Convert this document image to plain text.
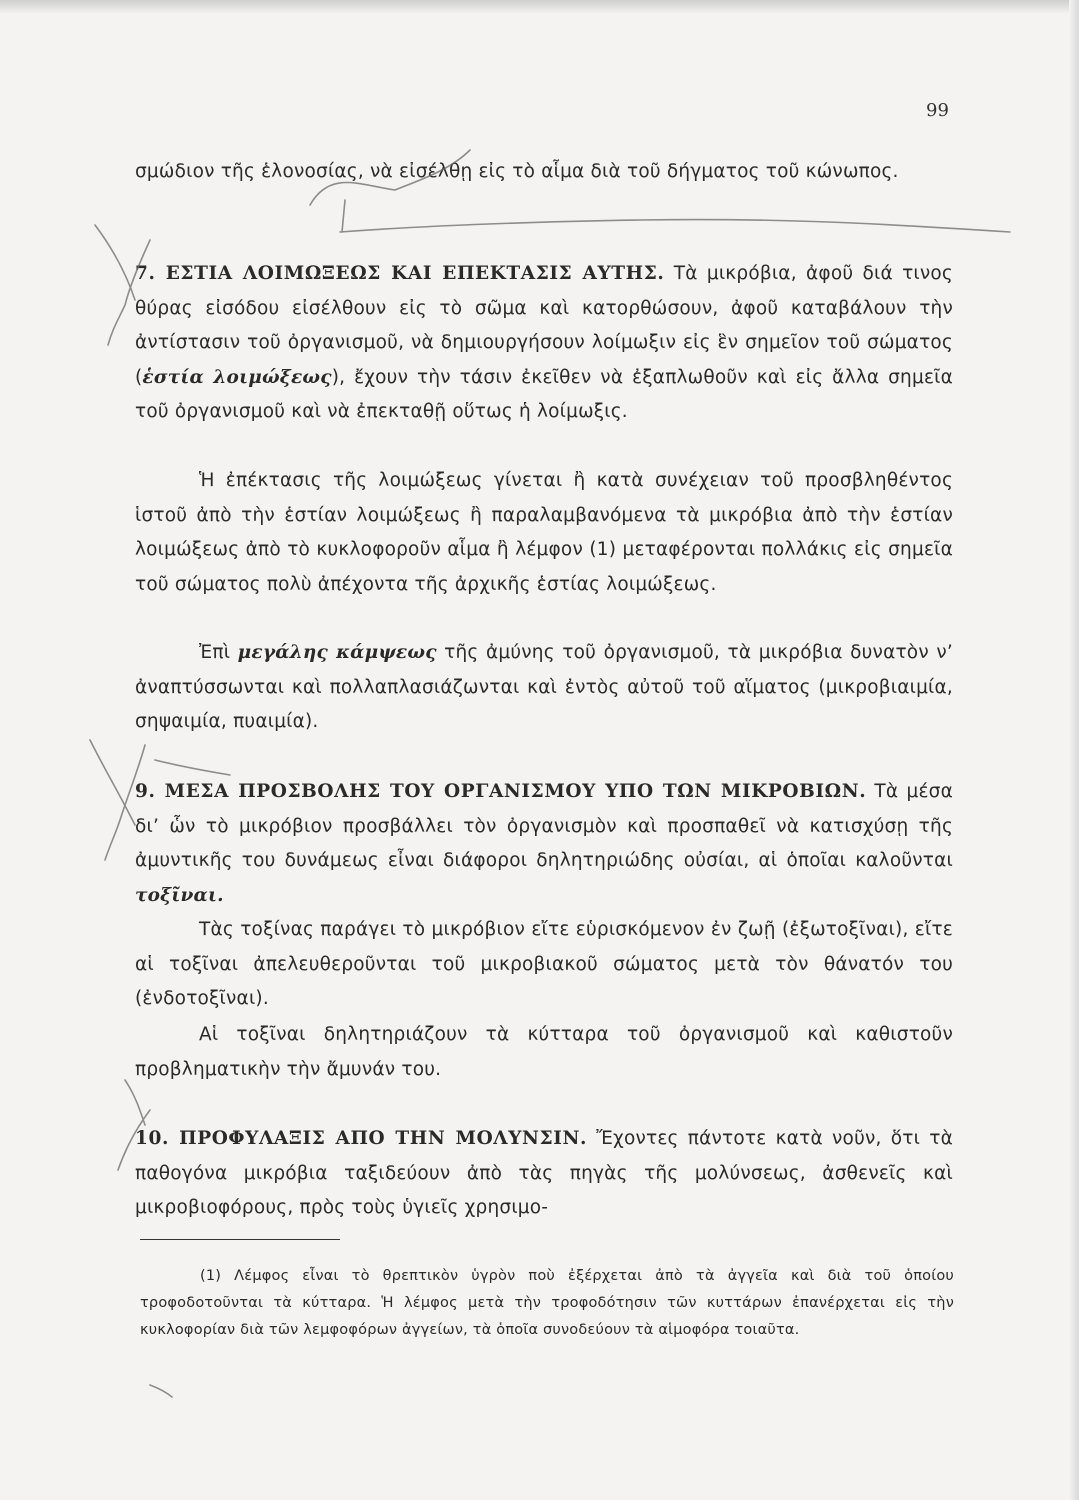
99

σμώδιον τῆς ἑλονοσίας, νὰ εἰσέλθῃ εἰς τὸ αἷμα διὰ τοῦ δήγματος τοῦ κώνωπος.

7. ΕΣΤΙΑ ΛΟΙΜΩΞΕΩΣ ΚΑΙ ΕΠΕΚΤΑΣΙΣ ΑΥΤΗΣ. Τὰ μικρόβια, ἀφοῦ διά τινος θύρας εἰσόδου εἰσέλθουν εἰς τὸ σῶμα καὶ κατορθώσουν, ἀφοῦ καταβάλουν τὴν ἀντίστασιν τοῦ ὀργανισμοῦ, νὰ δημιουργήσουν λοίμωξιν εἰς ἓν σημεῖον τοῦ σώματος (ἑστία λοιμώξεως), ἔχουν τὴν τάσιν ἐκεῖθεν νὰ ἐξαπλωθοῦν καὶ εἰς ἄλλα σημεῖα τοῦ ὀργανισμοῦ καὶ νὰ ἐπεκταθῇ οὕτως ἡ λοίμωξις.

Ἡ ἐπέκτασις τῆς λοιμώξεως γίνεται ἢ κατὰ συνέχειαν τοῦ προσβληθέντος ἱστοῦ ἀπὸ τὴν ἑστίαν λοιμώξεως ἢ παραλαμβανόμενα τὰ μικρόβια ἀπὸ τὴν ἑστίαν λοιμώξεως ἀπὸ τὸ κυκλοφοροῦν αἷμα ἢ λέμφον (1) μεταφέρονται πολλάκις εἰς σημεῖα τοῦ σώματος πολὺ ἀπέχοντα τῆς ἀρχικῆς ἑστίας λοιμώξεως.

Ἐπὶ μεγάλης κάμψεως τῆς ἀμύνης τοῦ ὀργανισμοῦ, τὰ μικρόβια δυνατὸν ν’ ἀναπτύσσωνται καὶ πολλαπλασιάζωνται καὶ ἐντὸς αὐτοῦ τοῦ αἵματος (μικροβιαιμία, σηψαιμία, πυαιμία).

9. ΜΕΣΑ ΠΡΟΣΒΟΛΗΣ ΤΟΥ ΟΡΓΑΝΙΣΜΟΥ ΥΠΟ ΤΩΝ ΜΙΚΡΟΒΙΩΝ. Τὰ μέσα δι’ ὧν τὸ μικρόβιον προσβάλλει τὸν ὀργανισμὸν καὶ προσπαθεῖ νὰ κατισχύσῃ τῆς ἀμυντικῆς του δυνάμεως εἶναι διάφοροι δηλητηριώδης οὐσίαι, αἱ ὁποῖαι καλοῦνται τοξῖναι.

Τὰς τοξίνας παράγει τὸ μικρόβιον εἴτε εὑρισκόμενον ἐν ζωῇ (ἐξωτοξῖναι), εἴτε αἱ τοξῖναι ἀπελευθεροῦνται τοῦ μικροβιακοῦ σώματος μετὰ τὸν θάνατόν του (ἐνδοτοξῖναι).

Αἱ τοξῖναι δηλητηριάζουν τὰ κύτταρα τοῦ ὀργανισμοῦ καὶ καθιστοῦν προβληματικὴν τὴν ἄμυνάν του.

10. ΠΡΟΦΥΛΑΞΙΣ ΑΠΟ ΤΗΝ ΜΟΛΥΝΣΙΝ. Ἔχοντες πάντοτε κατὰ νοῦν, ὅτι τὰ παθογόνα μικρόβια ταξιδεύουν ἀπὸ τὰς πηγὰς τῆς μολύνσεως, ἀσθενεῖς καὶ μικροβιοφόρους, πρὸς τοὺς ὑγιεῖς χρησιμο-

(1) Λέμφος εἶναι τὸ θρεπτικὸν ὑγρὸν ποὺ ἐξέρχεται ἀπὸ τὰ ἀγγεῖα καὶ διὰ τοῦ ὁποίου τροφοδοτοῦνται τὰ κύτταρα. Ἡ λέμφος μετὰ τὴν τροφοδότησιν τῶν κυττάρων ἐπανέρχεται εἰς τὴν κυκλοφορίαν διὰ τῶν λεμφοφόρων ἀγγείων, τὰ ὁποῖα συνοδεύουν τὰ αἱμοφόρα τοιαῦτα.
